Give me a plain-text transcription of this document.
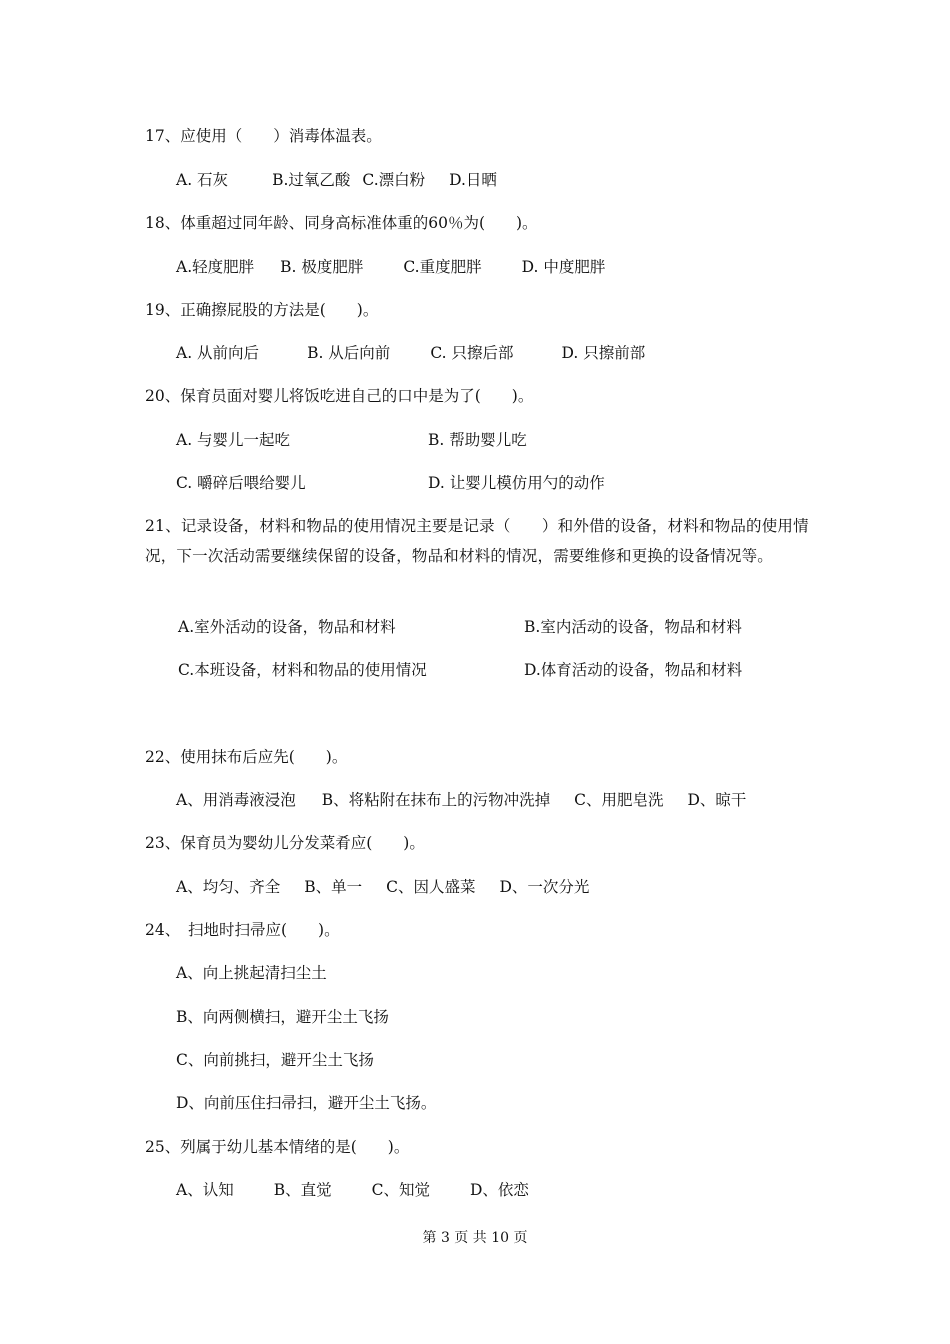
17、应使用（　　）消毒体温表。
A. 石灰	B.过氧乙酸 C.漂白粉 D.日晒
18、体重超过同年龄、同身高标准体重的60％为(　　)。
A.轻度肥胖 B. 极度肥胖	C.重度肥胖	D. 中度肥胖
19、正确擦屁股的方法是(　　)。
A. 从前向后	B. 从后向前	C. 只擦后部	D. 只擦前部
20、保育员面对婴儿将饭吃进自己的口中是为了(　　)。
A. 与婴儿一起吃	B. 帮助婴儿吃
C. 嚼碎后喂给婴儿	D. 让婴儿模仿用勺的动作
21、记录设备，材料和物品的使用情况主要是记录（　　）和外借的设备，材料和物品的使用情况，下一次活动需要继续保留的设备，物品和材料的情况，需要维修和更换的设备情况等。
A.室外活动的设备，物品和材料	B.室内活动的设备，物品和材料
C.本班设备，材料和物品的使用情况	D.体育活动的设备，物品和材料
22、使用抹布后应先(　　)。
A、用消毒液浸泡 B、将粘附在抹布上的污物冲洗掉 C、用肥皂洗 D、晾干
23、保育员为婴幼儿分发菜肴应(　　)。
A、均匀、齐全 B、单一 C、因人盛菜 D、一次分光
24、　扫地时扫帚应(　　)。
A、向上挑起清扫尘土
B、向两侧横扫，避开尘土飞扬
C、向前挑扫，避开尘土飞扬
D、向前压住扫帚扫，避开尘土飞扬。
25、列属于幼儿基本情绪的是(　　)。
A、认知	B、直觉	C、知觉	D、依恋
第 3 页 共 10 页
